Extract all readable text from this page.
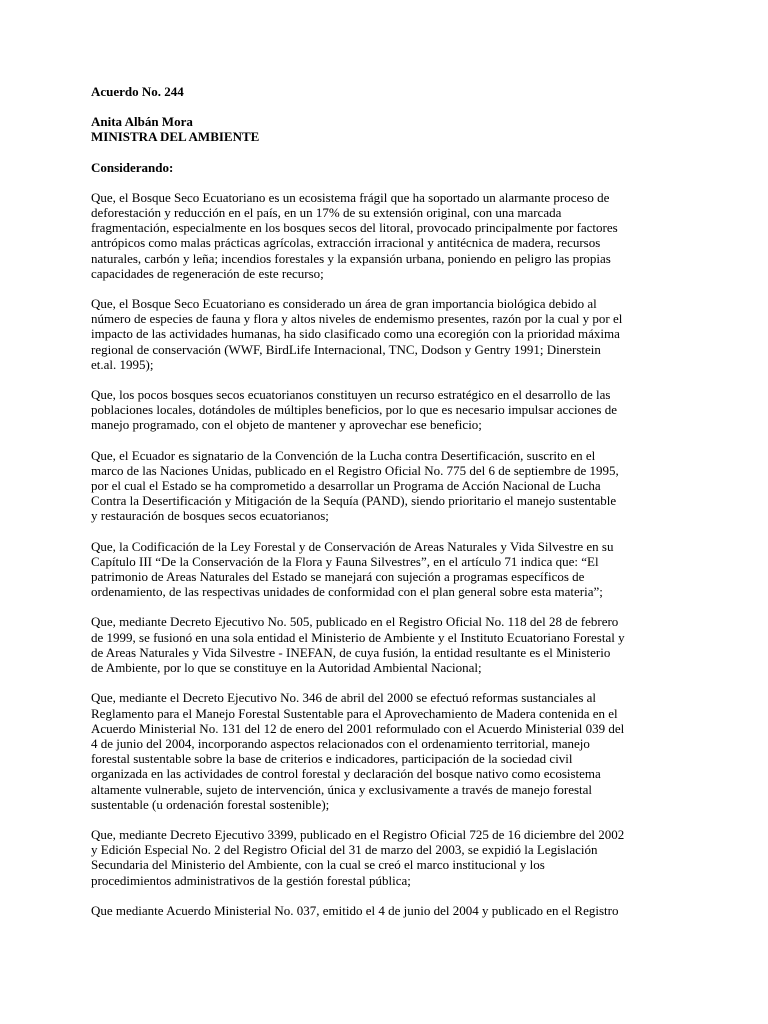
Acuerdo No. 244
Anita Albán Mora
MINISTRA DEL AMBIENTE
Considerando:
Que, el Bosque Seco Ecuatoriano es un ecosistema frágil que ha soportado un alarmante proceso de
deforestación y reducción en el país, en un 17% de su extensión original, con una marcada
fragmentación, especialmente en los bosques secos del litoral, provocado principalmente por factores
antrópicos como malas prácticas agrícolas, extracción irracional y antitécnica de madera, recursos
naturales, carbón y leña; incendios forestales y la expansión urbana, poniendo en peligro las propias
capacidades de regeneración de este recurso;
Que, el Bosque Seco Ecuatoriano es considerado un área de gran importancia biológica debido al
número de especies de fauna y flora y altos niveles de endemismo presentes, razón por la cual y por el
impacto de las actividades humanas, ha sido clasificado como una ecoregión con la prioridad máxima
regional de conservación (WWF, BirdLife Internacional, TNC, Dodson y Gentry 1991; Dinerstein
et.al. 1995);
Que, los pocos bosques secos ecuatorianos constituyen un recurso estratégico en el desarrollo de las
poblaciones locales, dotándoles de múltiples beneficios, por lo que es necesario impulsar acciones de
manejo programado, con el objeto de mantener y aprovechar ese beneficio;
Que, el Ecuador es signatario de la Convención de la Lucha contra Desertificación, suscrito en el
marco de las Naciones Unidas, publicado en el Registro Oficial No. 775 del 6 de septiembre de 1995,
por el cual el Estado se ha comprometido a desarrollar un Programa de Acción Nacional de Lucha
Contra la Desertificación y Mitigación de la Sequía (PAND), siendo prioritario el manejo sustentable
y restauración de bosques secos ecuatorianos;
Que, la Codificación de la Ley Forestal y de Conservación de Areas Naturales y Vida Silvestre en su
Capítulo III “De la Conservación de la Flora y Fauna Silvestres”, en el artículo 71 indica que: “El
patrimonio de Areas Naturales del Estado se manejará con sujeción a programas específicos de
ordenamiento, de las respectivas unidades de conformidad con el plan general sobre esta materia”;
Que, mediante Decreto Ejecutivo No. 505, publicado en el Registro Oficial No. 118 del 28 de febrero
de 1999, se fusionó en una sola entidad el Ministerio de Ambiente y el Instituto Ecuatoriano Forestal y
de Areas Naturales y Vida Silvestre - INEFAN, de cuya fusión, la entidad resultante es el Ministerio
de Ambiente, por lo que se constituye en la Autoridad Ambiental Nacional;
Que, mediante el Decreto Ejecutivo No. 346 de abril del 2000 se efectuó reformas sustanciales al
Reglamento para el Manejo Forestal Sustentable para el Aprovechamiento de Madera contenida en el
Acuerdo Ministerial No. 131 del 12 de enero del 2001 reformulado con el Acuerdo Ministerial 039 del
4 de junio del 2004, incorporando aspectos relacionados con el ordenamiento territorial, manejo
forestal sustentable sobre la base de criterios e indicadores, participación de la sociedad civil
organizada en las actividades de control forestal y declaración del bosque nativo como ecosistema
altamente vulnerable, sujeto de intervención, única y exclusivamente a través de manejo forestal
sustentable (u ordenación forestal sostenible);
Que, mediante Decreto Ejecutivo 3399, publicado en el Registro Oficial 725 de 16 diciembre del 2002
y Edición Especial No. 2 del Registro Oficial del 31 de marzo del 2003, se expidió la Legislación
Secundaria del Ministerio del Ambiente, con la cual se creó el marco institucional y los
procedimientos administrativos de la gestión forestal pública;
Que mediante Acuerdo Ministerial No. 037, emitido el 4 de junio del 2004 y publicado en el Registro
